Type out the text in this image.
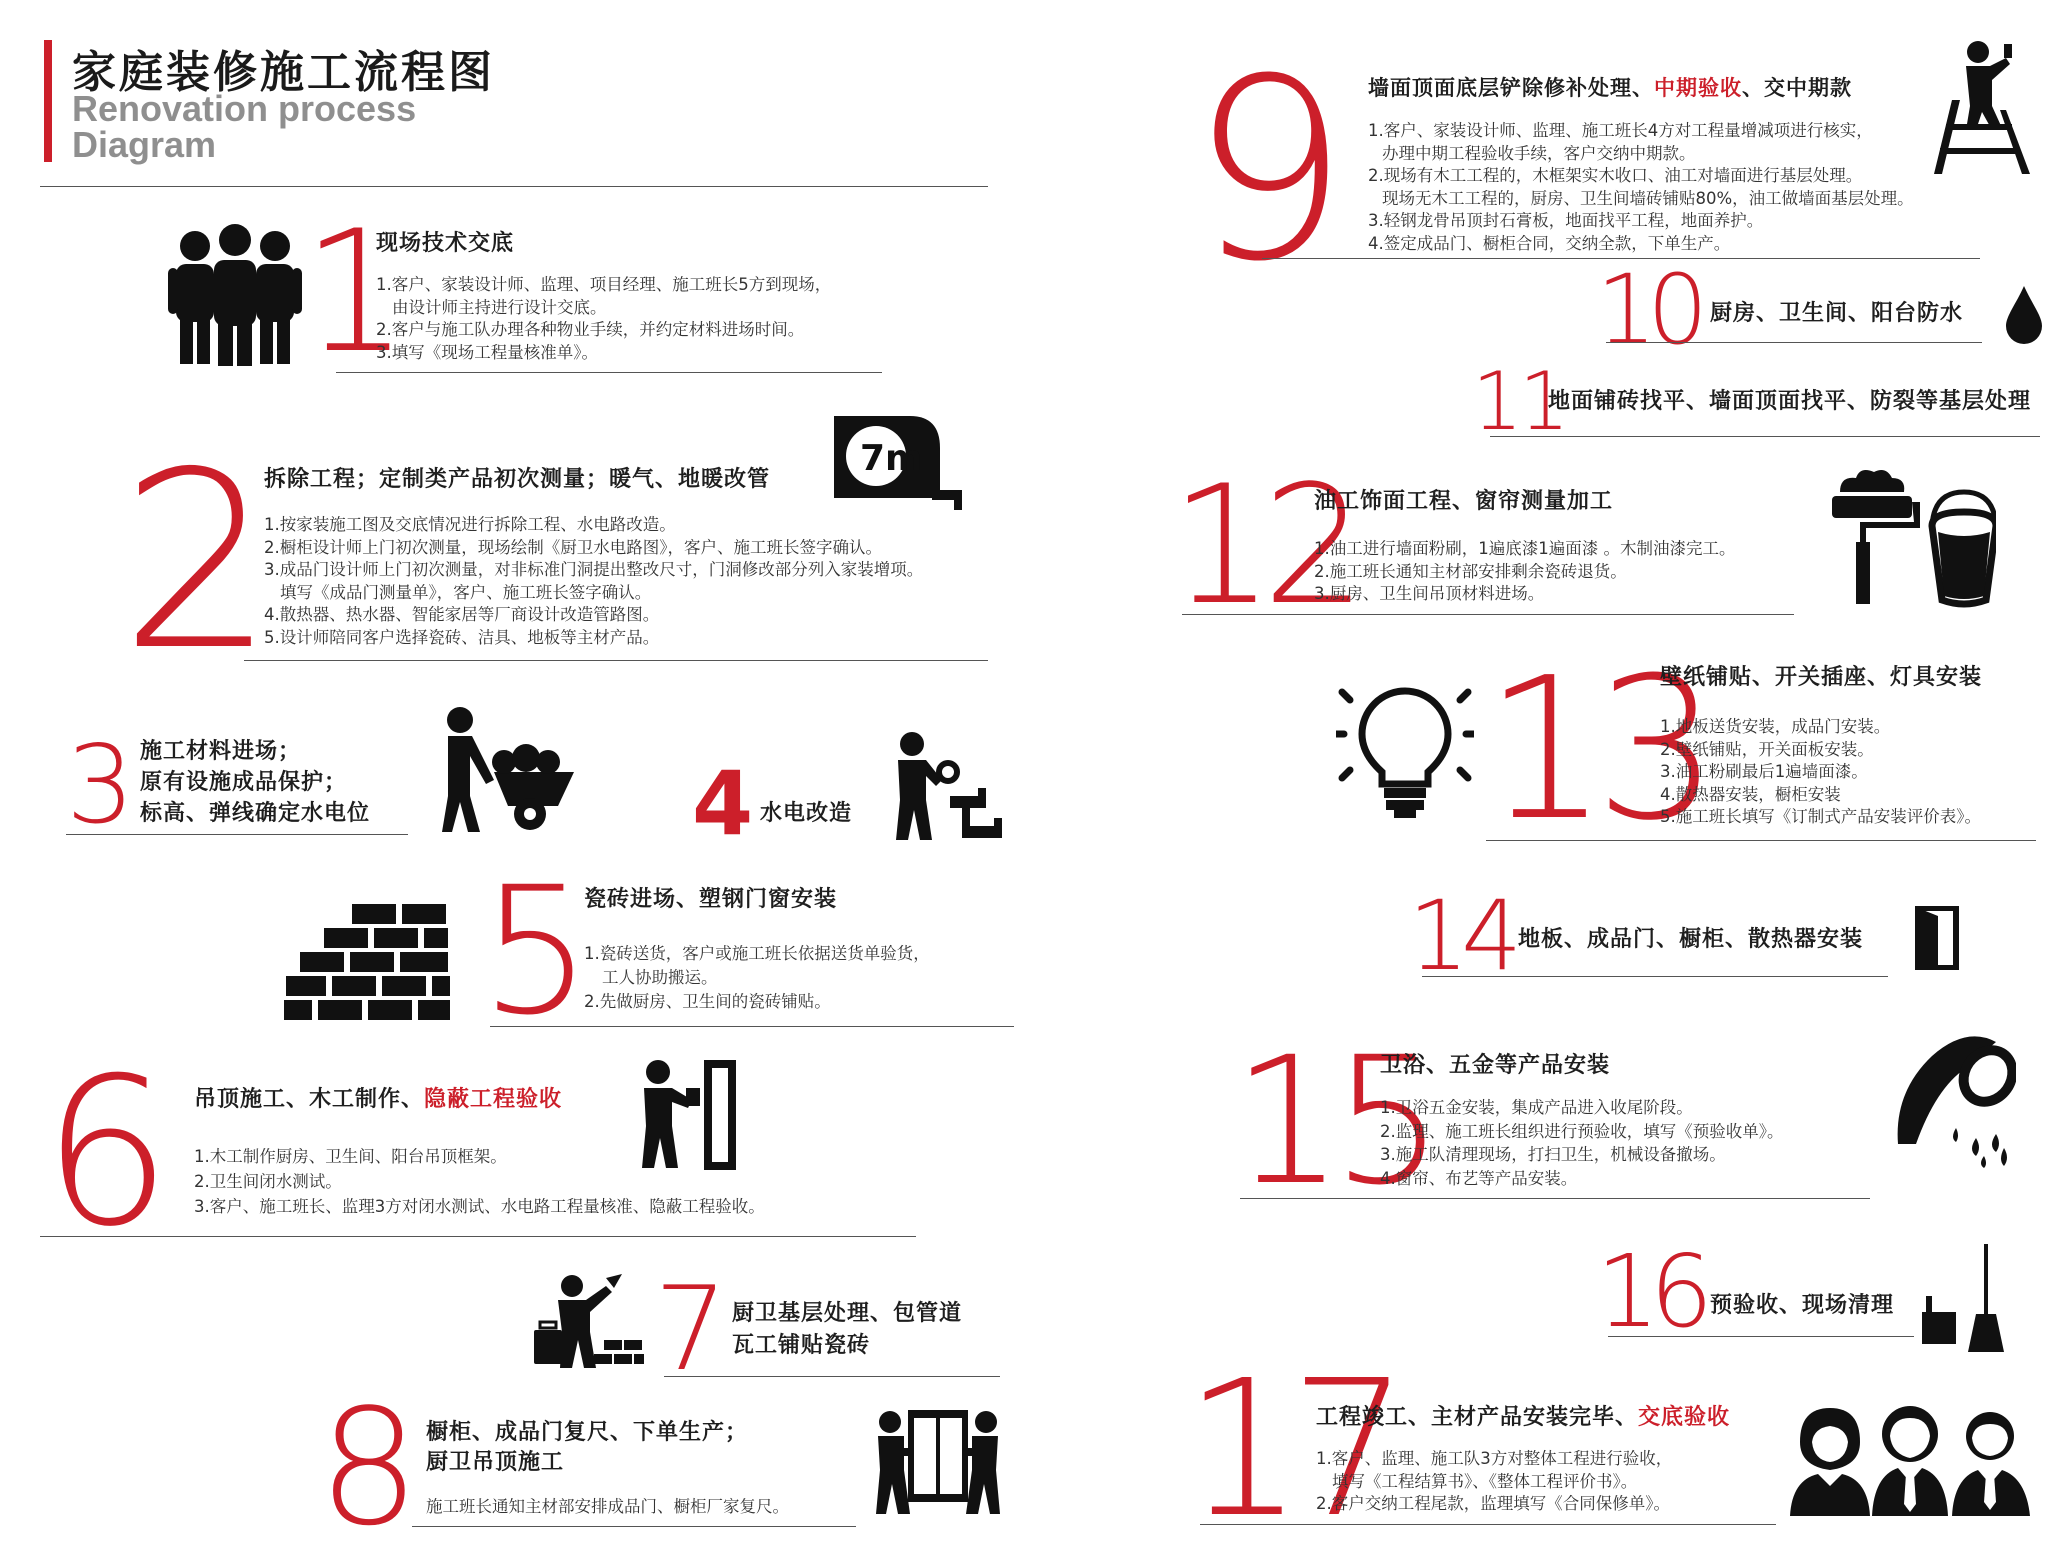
家庭装修施工流程图
Renovation process
Diagram
1
现场技术交底
1.客户、家装设计师、监理、项目经理、施工班长5方到现场，
由设计师主持进行设计交底。
2.客户与施工队办理各种物业手续，并约定材料进场时间。
3.填写《现场工程量核准单》。
2
拆除工程；定制类产品初次测量；暖气、地暖改管
7m
1.按家装施工图及交底情况进行拆除工程、水电路改造。
2.橱柜设计师上门初次测量，现场绘制《厨卫水电路图》，客户、施工班长签字确认。
3.成品门设计师上门初次测量，对非标准门洞提出整改尺寸，门洞修改部分列入家装增项。
填写《成品门测量单》，客户、施工班长签字确认。
4.散热器、热水器、智能家居等厂商设计改造管路图。
5.设计师陪同客户选择瓷砖、洁具、地板等主材产品。
3 施工材料进场；
原有设施成品保护；
标高、弹线确定水电位	4 水电改造
5
瓷砖进场、塑钢门窗安装
1.瓷砖送货，客户或施工班长依据送货单验货，
工人协助搬运。
2.先做厨房、卫生间的瓷砖铺贴。
6 吊顶施工、木工制作、隐蔽工程验收
1.木工制作厨房、卫生间、阳台吊顶框架。
2.卫生间闭水测试。
3.客户、施工班长、监理3方对闭水测试、水电路工程量核准、隐蔽工程验收。
7 厨卫基层处理、包管道
瓦工铺贴瓷砖
8 橱柜、成品门复尺、下单生产；
厨卫吊顶施工
施工班长通知主材部安排成品门、橱柜厂家复尺。
9 墙面顶面底层铲除修补处理、中期验收、交中期款
1.客户、家装设计师、监理、施工班长4方对工程量增减项进行核实，
办理中期工程验收手续，客户交纳中期款。
2.现场有木工工程的，木框架实木收口、油工对墙面进行基层处理。
现场无木工工程的，厨房、卫生间墙砖铺贴80%，油工做墙面基层处理。
3.轻钢龙骨吊顶封石膏板，地面找平工程，地面养护。
4.签定成品门、橱柜合同，交纳全款，下单生产。
10 厨房、卫生间、阳台防水
11
地面铺砖找平、墙面顶面找平、防裂等基层处理
12
油工饰面工程、窗帘测量加工
1.油工进行墙面粉刷，1遍底漆1遍面漆 。木制油漆完工。
2.施工班长通知主材部安排剩余瓷砖退货。
3.厨房、卫生间吊顶材料进场。
13
壁纸铺贴、开关插座、灯具安装
1.地板送货安装，成品门安装。
2.壁纸铺贴，开关面板安装。
3.油工粉刷最后1遍墙面漆。
4.散热器安装，橱柜安装
5.施工班长填写《订制式产品安装评价表》。
14 地板、成品门、橱柜、散热器安装
15
卫浴、五金等产品安装
1.卫浴五金安装，集成产品进入收尾阶段。
2.监理、施工班长组织进行预验收，填写《预验收单》。
3.施工队清理现场，打扫卫生，机械设备撤场。
4.窗帘、布艺等产品安装。
16 预验收、现场清理
17
工程竣工、主材产品安装完毕、交底验收
1.客户、监理、施工队3方对整体工程进行验收，
填写《工程结算书》、《整体工程评价书》。
2.客户交纳工程尾款，监理填写《合同保修单》。
